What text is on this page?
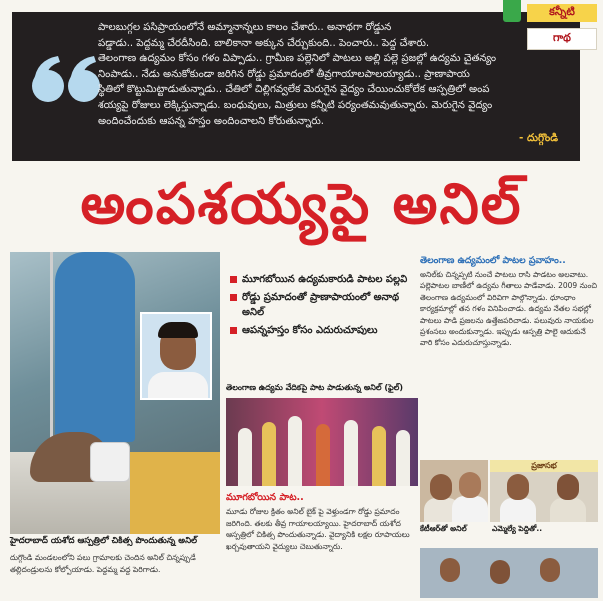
పాలబుగ్గల పసిప్రాయంలోనే అమ్మానాన్నలు కాలం చేశారు.. అనాథగా రోడ్డున

పడ్డాడు.. పెద్దమ్మ చేరదీసింది. బాలికానా అక్కున చేర్చుకుంది.. పెంచారు.. పెద్ద చేశారు.

తెలంగాణ ఉద్యమం కోసం గళం విప్పాడు.. గ్రామీణ పల్లెనిలో పాటలు అల్లి పల్లె ప్రజల్లో ఉద్యమ చైతన్యం

నింపాడు.. నేడు అనుకోకుండా జరిగిన రోడ్డు ప్రమాదంలో తీవ్రగాయాలపాలయ్యాడు.. ప్రాణాపాయ

స్థితిలో కొట్టుమిట్టాడుతున్నాడు.. చేతిలో చిల్లిగవ్వలేక మెరుగైన వైద్యం చేయించుకోలేక ఆస్పత్రిలో అంప

శయ్యపై రోజులు లెక్కిస్తున్నాడు. బంధువులు, మిత్రులు కన్నీటి పర్యంతమవుతున్నారు. మెరుగైన వైద్యం

అందించేందుకు ఆపన్న హస్తం అందించాలని కోరుతున్నారు.

- దుగ్గొండి
కన్నీటి
గాథ
అంపశయ్యపై అనిల్
హైదరాబాద్ యశోద ఆస్పత్రిలో చికిత్స పొందుతున్న అనిల్
దుగ్గొండి మండలంలోని పలు గ్రామాలకు చెందిన అనిల్ చిన్నప్పుడే తల్లిదండ్రులను కోల్పోయాడు. పెద్దమ్మ వద్ద పెరిగాడు.
మూగబోయిన ఉద్యమకారుడి పాటల పల్లవి
రోడ్డు ప్రమాదంతో ప్రాణాపాయంలో అనాథ అనిల్
ఆపన్నహస్తం కోసం ఎదురుచూపులు
తెలంగాణ ఉద్యమ వేదికపై పాట పాడుతున్న అనిల్ (ఫైల్)
మూగబోయిన పాట..
మూడు రోజుల క్రితం అనిల్ బైక్ పై వెళ్తుండగా రోడ్డు ప్రమాదం జరిగింది. తలకు తీవ్ర గాయాలయ్యాయి. హైదరాబాద్ యశోద ఆస్పత్రిలో చికిత్స పొందుతున్నాడు. వైద్యానికి లక్షల రూపాయలు ఖర్చవుతాయని వైద్యులు చెబుతున్నారు.
తెలంగాణ ఉద్యమంలో పాటల ప్రవాహం..
అనిల్‌కు చిన్నప్పటి నుంచే పాటలు రాసి పాడటం అలవాటు. పల్లెపాటల బాణీలో ఉద్యమ గీతాలు పాడేవాడు. 2009 నుంచి తెలంగాణ ఉద్యమంలో విరివిగా పాల్గొన్నాడు. ధూంధాం కార్యక్రమాల్లో తన గళం వినిపించాడు. ఉద్యమ నేతల సభల్లో పాటలు పాడి ప్రజలను ఉత్తేజపరిచాడు. పలువురు నాయకుల ప్రశంసలు అందుకున్నాడు. ఇప్పుడు ఆస్పత్రి పాలై ఆదుకునే వారి కోసం ఎదురుచూస్తున్నాడు.
ప్రజాసభ
కేటీఆర్‌తో అనిల్	ఎమ్మెల్యే పెద్దితో..
